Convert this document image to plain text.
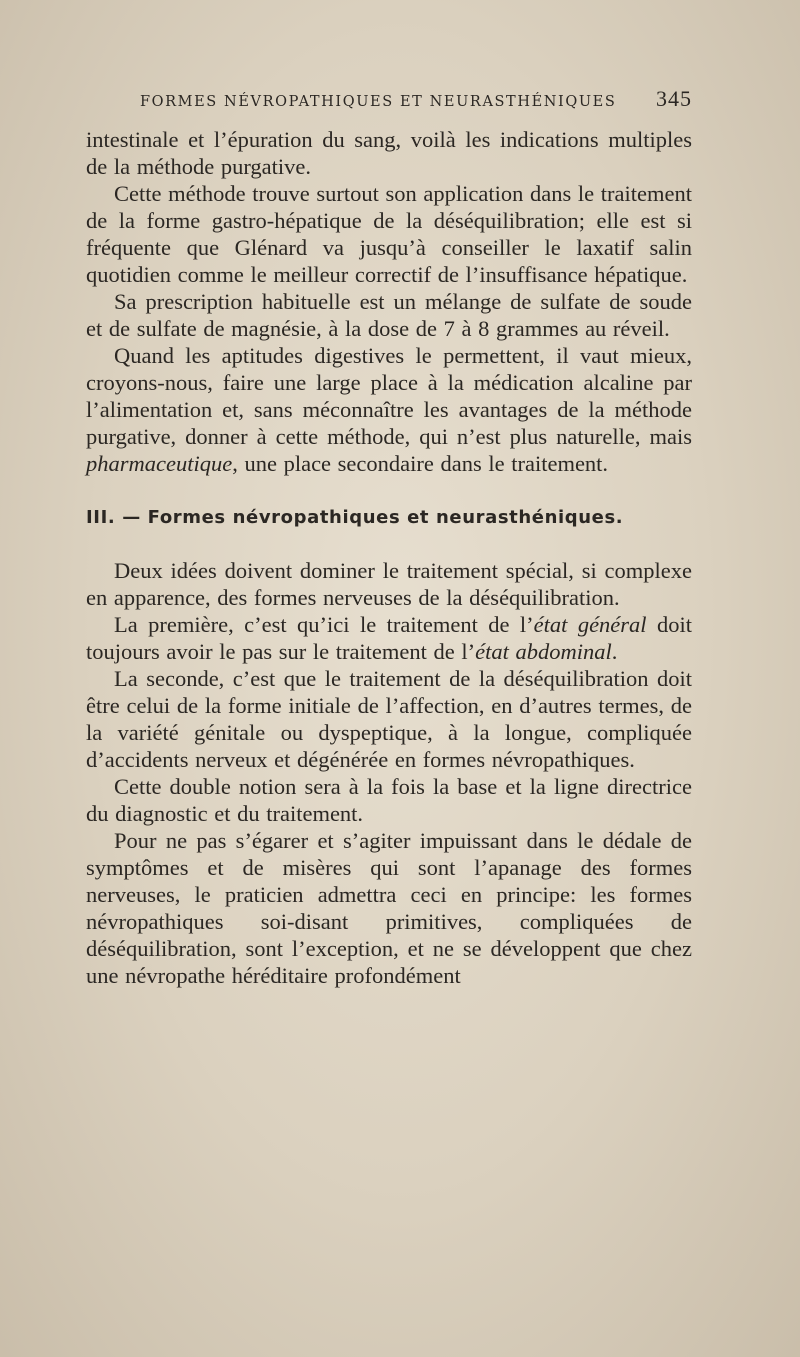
FORMES NÉVROPATHIQUES ET NEURASTHÉNIQUES 345

intestinale et l’épuration du sang, voilà les indications multiples de la méthode purgative.

Cette méthode trouve surtout son application dans le traitement de la forme gastro-hépatique de la déséquilibration; elle est si fréquente que Glénard va jusqu’à conseiller le laxatif salin quotidien comme le meilleur correctif de l’insuffisance hépatique.

Sa prescription habituelle est un mélange de sulfate de soude et de sulfate de magnésie, à la dose de 7 à 8 grammes au réveil.

Quand les aptitudes digestives le permettent, il vaut mieux, croyons-nous, faire une large place à la médication alcaline par l’alimentation et, sans méconnaître les avantages de la méthode purgative, donner à cette méthode, qui n’est plus naturelle, mais pharmaceutique, une place secondaire dans le traitement.

III. — Formes névropathiques et neurasthéniques.

Deux idées doivent dominer le traitement spécial, si complexe en apparence, des formes nerveuses de la déséquilibration.

La première, c’est qu’ici le traitement de l’état général doit toujours avoir le pas sur le traitement de l’état abdominal.

La seconde, c’est que le traitement de la déséquilibration doit être celui de la forme initiale de l’affection, en d’autres termes, de la variété génitale ou dyspeptique, à la longue, compliquée d’accidents nerveux et dégénérée en formes névropathiques.

Cette double notion sera à la fois la base et la ligne directrice du diagnostic et du traitement.

Pour ne pas s’égarer et s’agiter impuissant dans le dédale de symptômes et de misères qui sont l’apanage des formes nerveuses, le praticien admettra ceci en principe: les formes névropathiques soi-disant primitives, compliquées de déséquilibration, sont l’exception, et ne se développent que chez une névropathe héréditaire profondément
